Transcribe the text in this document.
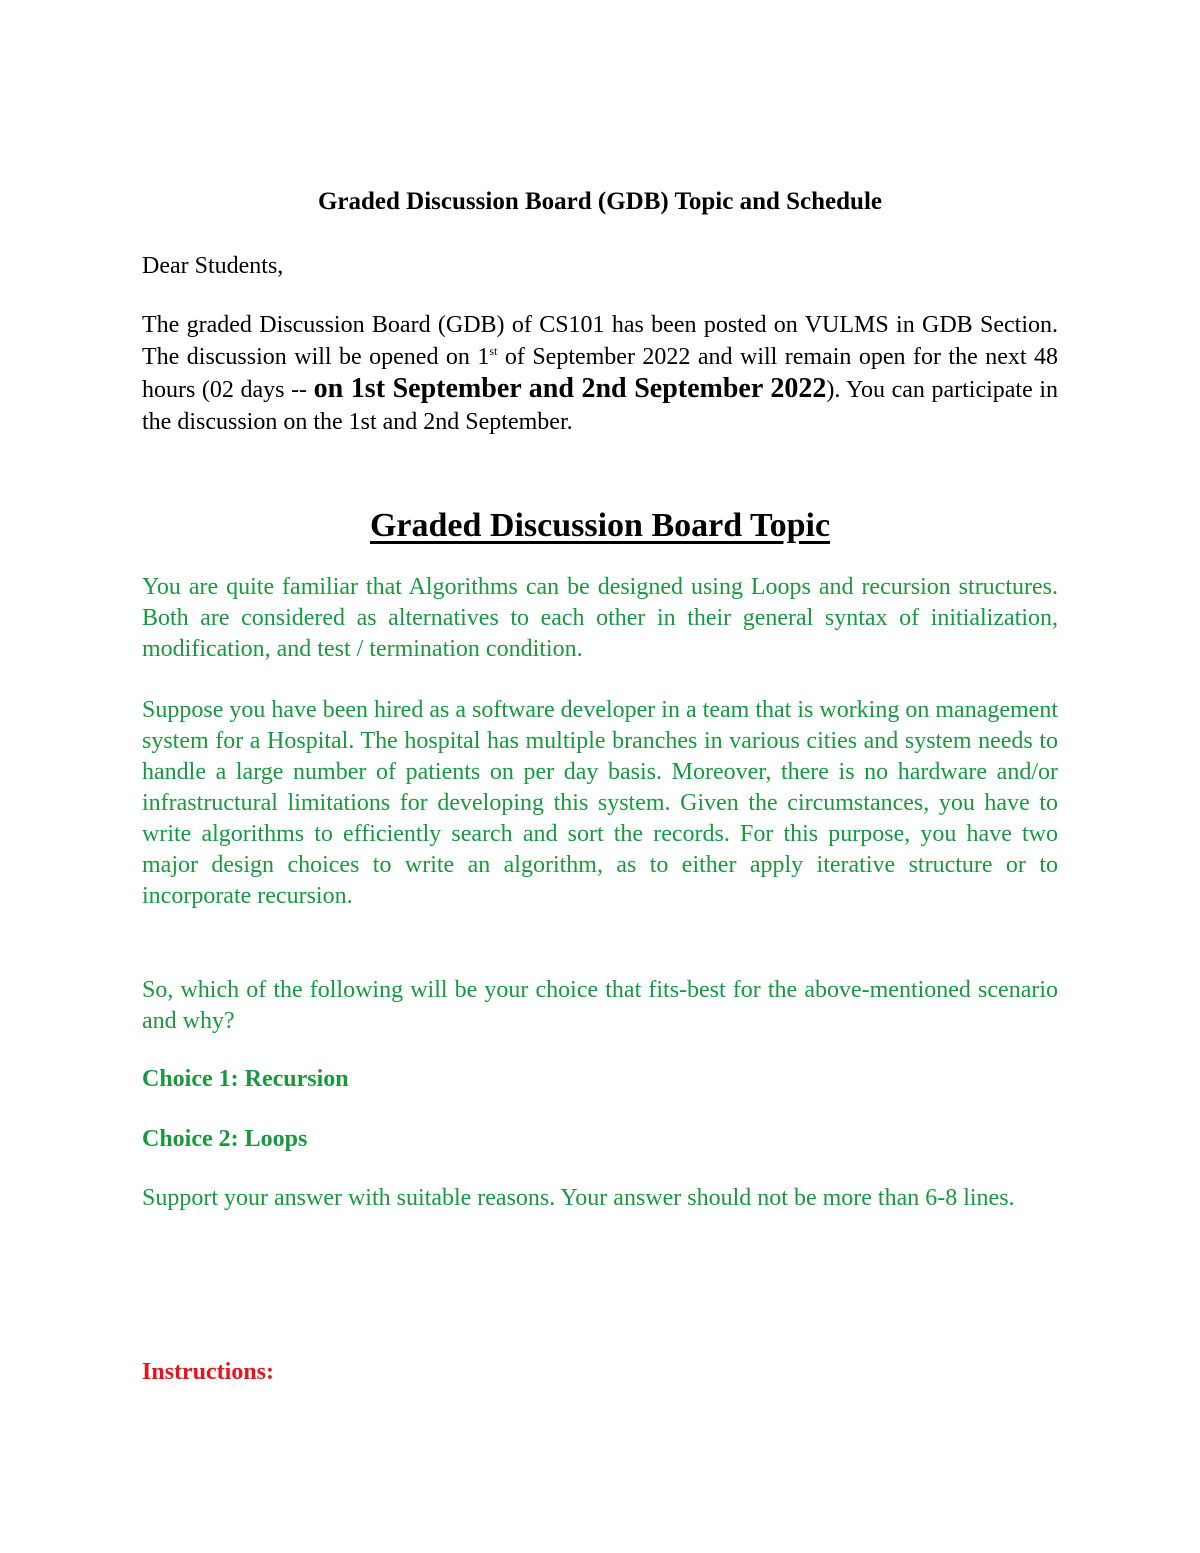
Graded Discussion Board (GDB) Topic and Schedule
Dear Students,
The graded Discussion Board (GDB) of CS101 has been posted on VULMS in GDB Section. The discussion will be opened on 1st of September 2022 and will remain open for the next 48 hours (02 days -- on 1st September and 2nd September 2022). You can participate in the discussion on the 1st and 2nd September.
Graded Discussion Board Topic
You are quite familiar that Algorithms can be designed using Loops and recursion structures. Both are considered as alternatives to each other in their general syntax of initialization, modification, and test / termination condition.
Suppose you have been hired as a software developer in a team that is working on management system for a Hospital. The hospital has multiple branches in various cities and system needs to handle a large number of patients on per day basis. Moreover, there is no hardware and/or infrastructural limitations for developing this system. Given the circumstances, you have to write algorithms to efficiently search and sort the records. For this purpose, you have two major design choices to write an algorithm, as to either apply iterative structure or to incorporate recursion.
So, which of the following will be your choice that fits-best for the above-mentioned scenario and why?
Choice 1: Recursion
Choice 2: Loops
Support your answer with suitable reasons. Your answer should not be more than 6-8 lines.
Instructions:
